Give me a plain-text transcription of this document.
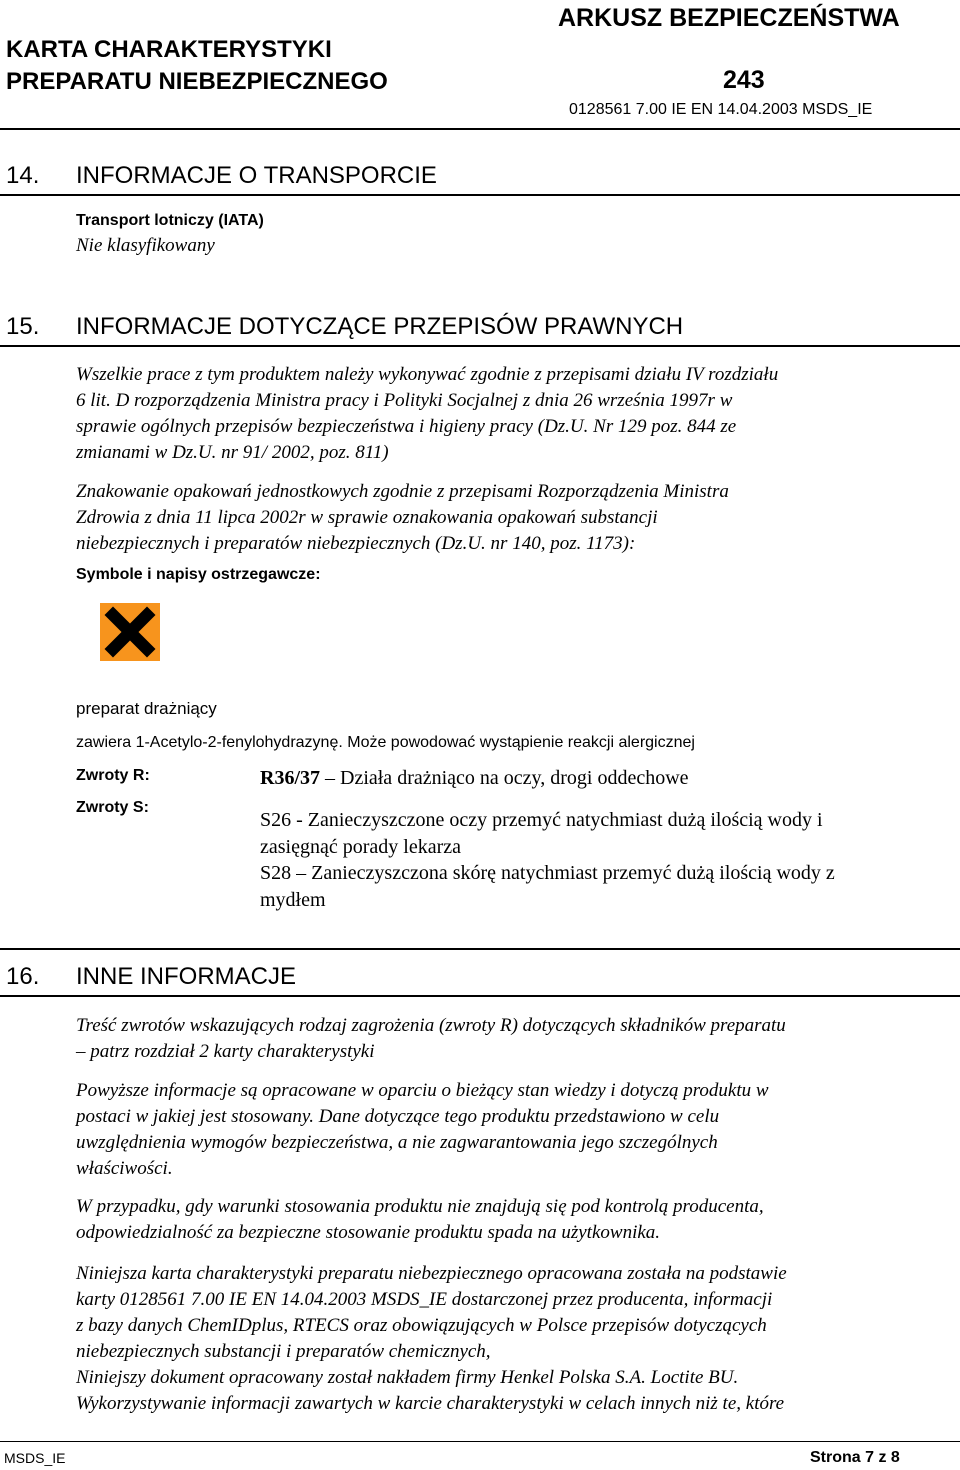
KARTA CHARAKTERYSTYKI
PREPARATU NIEBEZPIECZNEGO
ARKUSZ BEZPIECZEŃSTWA
243
0128561 7.00 IE EN 14.04.2003 MSDS_IE
14. INFORMACJE O TRANSPORCIE
Transport lotniczy (IATA)
Nie klasyfikowany
15. INFORMACJE DOTYCZĄCE PRZEPISÓW PRAWNYCH
Wszelkie prace z tym produktem należy wykonywać zgodnie z przepisami działu IV rozdziału
6 lit. D rozporządzenia Ministra pracy i Polityki Socjalnej z dnia 26 września 1997r w
sprawie ogólnych przepisów bezpieczeństwa i higieny pracy (Dz.U. Nr 129 poz. 844 ze
zmianami w Dz.U. nr 91/ 2002, poz. 811)
Znakowanie opakowań jednostkowych zgodnie z przepisami Rozporządzenia Ministra
Zdrowia z dnia 11 lipca 2002r w sprawie oznakowania opakowań substancji
niebezpiecznych i preparatów niebezpiecznych (Dz.U. nr 140, poz. 1173):
Symbole i napisy ostrzegawcze:
preparat drażniący
zawiera 1-Acetylo-2-fenylohydrazynę. Może powodować wystąpienie reakcji alergicznej
Zwroty R:
Zwroty S:
R36/37 – Działa drażniąco na oczy, drogi oddechowe
S26 - Zanieczyszczone oczy przemyć natychmiast dużą ilością wody i
zasięgnąć porady lekarza
S28 – Zanieczyszczona skórę natychmiast przemyć dużą ilością wody z
mydłem
16. INNE INFORMACJE
Treść zwrotów wskazujących rodzaj zagrożenia (zwroty R) dotyczących składników preparatu
– patrz rozdział 2 karty charakterystyki
Powyższe informacje są opracowane w oparciu o bieżący stan wiedzy i dotyczą produktu w
postaci w jakiej jest stosowany. Dane dotyczące tego produktu przedstawiono w celu
uwzględnienia wymogów bezpieczeństwa, a nie zagwarantowania jego szczególnych
właściwości.
W przypadku, gdy warunki stosowania produktu nie znajdują się pod kontrolą producenta,
odpowiedzialność za bezpieczne stosowanie produktu spada na użytkownika.
Niniejsza karta charakterystyki preparatu niebezpiecznego opracowana została na podstawie
karty 0128561 7.00 IE EN 14.04.2003 MSDS_IE dostarczonej przez producenta, informacji
z bazy danych ChemIDplus, RTECS oraz obowiązujących w Polsce przepisów dotyczących
niebezpiecznych substancji i preparatów chemicznych,
Niniejszy dokument opracowany został nakładem firmy Henkel Polska S.A. Loctite BU.
Wykorzystywanie informacji zawartych w karcie charakterystyki w celach innych niż te, które
MSDS_IE	Strona 7 z 8
